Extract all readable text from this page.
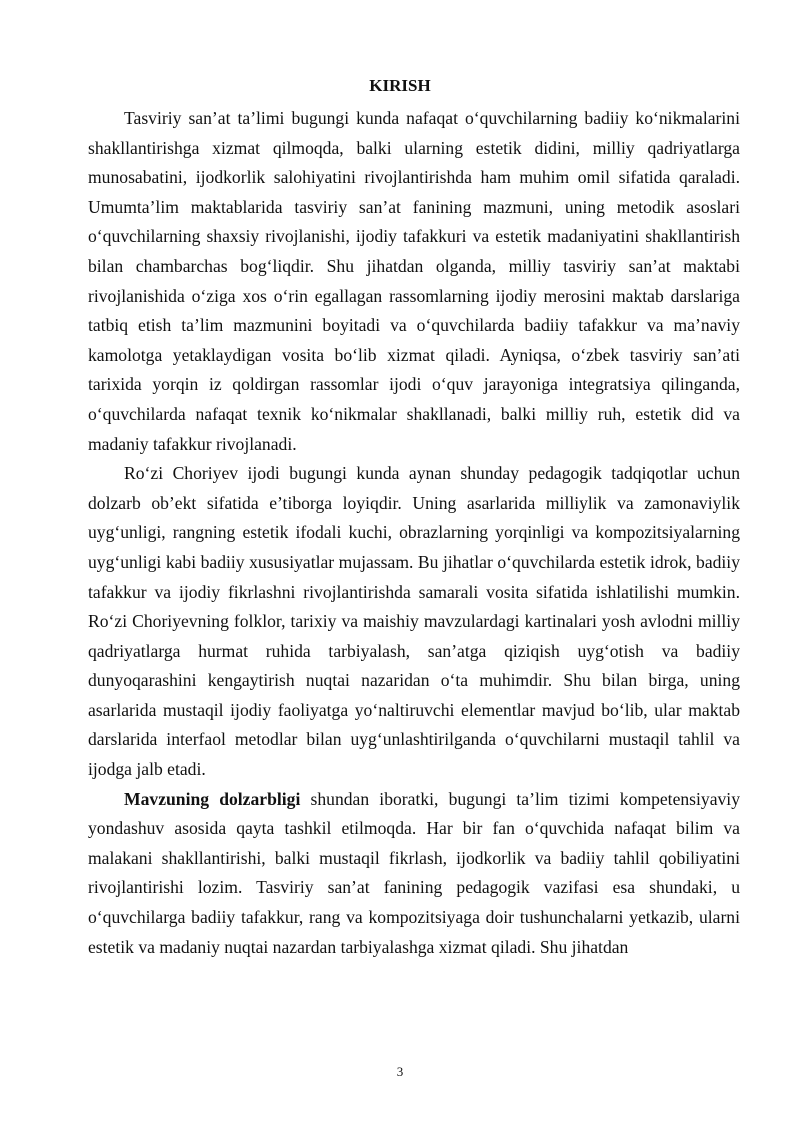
KIRISH

Tasviriy san’at ta’limi bugungi kunda nafaqat o‘quvchilarning badiiy ko‘nikmalarini shakllantirishga xizmat qilmoqda, balki ularning estetik didini, milliy qadriyatlarga munosabatini, ijodkorlik salohiyatini rivojlantirishda ham muhim omil sifatida qaraladi. Umumta’lim maktablarida tasviriy san’at fanining mazmuni, uning metodik asoslari o‘quvchilarning shaxsiy rivojlanishi, ijodiy tafakkuri va estetik madaniyatini shakllantirish bilan chambarchas bog‘liqdir. Shu jihatdan olganda, milliy tasviriy san’at maktabi rivojlanishida o‘ziga xos o‘rin egallagan rassomlarning ijodiy merosini maktab darslariga tatbiq etish ta’lim mazmunini boyitadi va o‘quvchilarda badiiy tafakkur va ma’naviy kamolotga yetaklaydigan vosita bo‘lib xizmat qiladi. Ayniqsa, o‘zbek tasviriy san’ati tarixida yorqin iz qoldirgan rassomlar ijodi o‘quv jarayoniga integratsiya qilinganda, o‘quvchilarda nafaqat texnik ko‘nikmalar shakllanadi, balki milliy ruh, estetik did va madaniy tafakkur rivojlanadi.

Ro‘zi Choriyev ijodi bugungi kunda aynan shunday pedagogik tadqiqotlar uchun dolzarb ob’ekt sifatida e’tiborga loyiqdir. Uning asarlarida milliylik va zamonaviylik uyg‘unligi, rangning estetik ifodali kuchi, obrazlarning yorqinligi va kompozitsiyalarning uyg‘unligi kabi badiiy xususiyatlar mujassam. Bu jihatlar o‘quvchilarda estetik idrok, badiiy tafakkur va ijodiy fikrlashni rivojlantirishda samarali vosita sifatida ishlatilishi mumkin. Ro‘zi Choriyevning folklor, tarixiy va maishiy mavzulardagi kartinalari yosh avlodni milliy qadriyatlarga hurmat ruhida tarbiyalash, san’atga qiziqish uyg‘otish va badiiy dunyoqarashini kengaytirish nuqtai nazaridan o‘ta muhimdir. Shu bilan birga, uning asarlarida mustaqil ijodiy faoliyatga yo‘naltiruvchi elementlar mavjud bo‘lib, ular maktab darslarida interfaol metodlar bilan uyg‘unlashtirilganda o‘quvchilarni mustaqil tahlil va ijodga jalb etadi.

Mavzuning dolzarbligi shundan iboratki, bugungi ta’lim tizimi kompetensiyaviy yondashuv asosida qayta tashkil etilmoqda. Har bir fan o‘quvchida nafaqat bilim va malakani shakllantirishi, balki mustaqil fikrlash, ijodkorlik va badiiy tahlil qobiliyatini rivojlantirishi lozim. Tasviriy san’at fanining pedagogik vazifasi esa shundaki, u o‘quvchilarga badiiy tafakkur, rang va kompozitsiyaga doir tushunchalarni yetkazib, ularni estetik va madaniy nuqtai nazardan tarbiyalashga xizmat qiladi. Shu jihatdan

3
